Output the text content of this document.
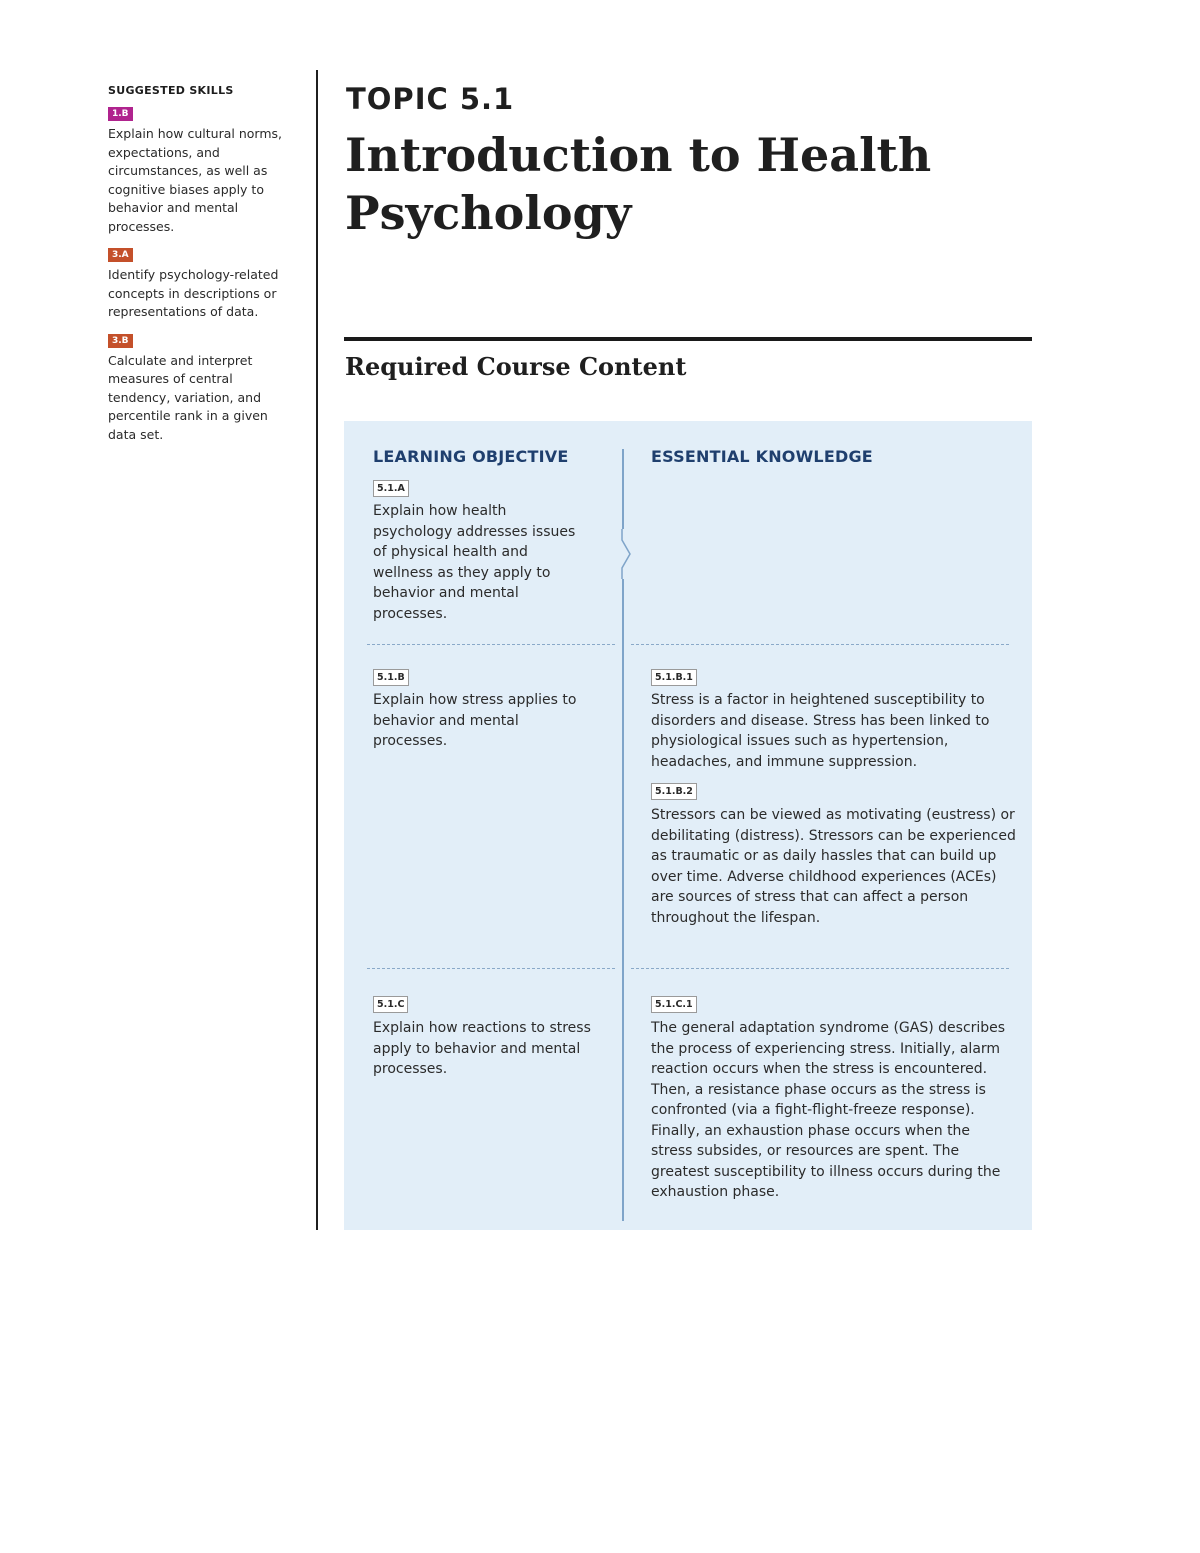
SUGGESTED SKILLS
1.B
Explain how cultural norms, expectations, and circumstances, as well as cognitive biases apply to behavior and mental processes.
3.A
Identify psychology-related concepts in descriptions or representations of data.
3.B
Calculate and interpret measures of central tendency, variation, and percentile rank in a given data set.
TOPIC 5.1
Introduction to Health Psychology
Required Course Content
LEARNING OBJECTIVE	ESSENTIAL KNOWLEDGE
5.1.A

Explain how health psychology addresses issues of physical health and wellness as they apply to behavior and mental processes.

5.1.B

Explain how stress applies to behavior and mental processes.

5.1.B.1

Stress is a factor in heightened susceptibility to disorders and disease. Stress has been linked to physiological issues such as hypertension, headaches, and immune suppression.

5.1.B.2

Stressors can be viewed as motivating (eustress) or debilitating (distress). Stressors can be experienced as traumatic or as daily hassles that can build up over time. Adverse childhood experiences (ACEs) are sources of stress that can affect a person throughout the lifespan.

5.1.C

Explain how reactions to stress apply to behavior and mental processes.

5.1.C.1

The general adaptation syndrome (GAS) describes the process of experiencing stress. Initially, alarm reaction occurs when the stress is encountered. Then, a resistance phase occurs as the stress is confronted (via a fight-flight-freeze response). Finally, an exhaustion phase occurs when the stress subsides, or resources are spent. The greatest susceptibility to illness occurs during the exhaustion phase.
